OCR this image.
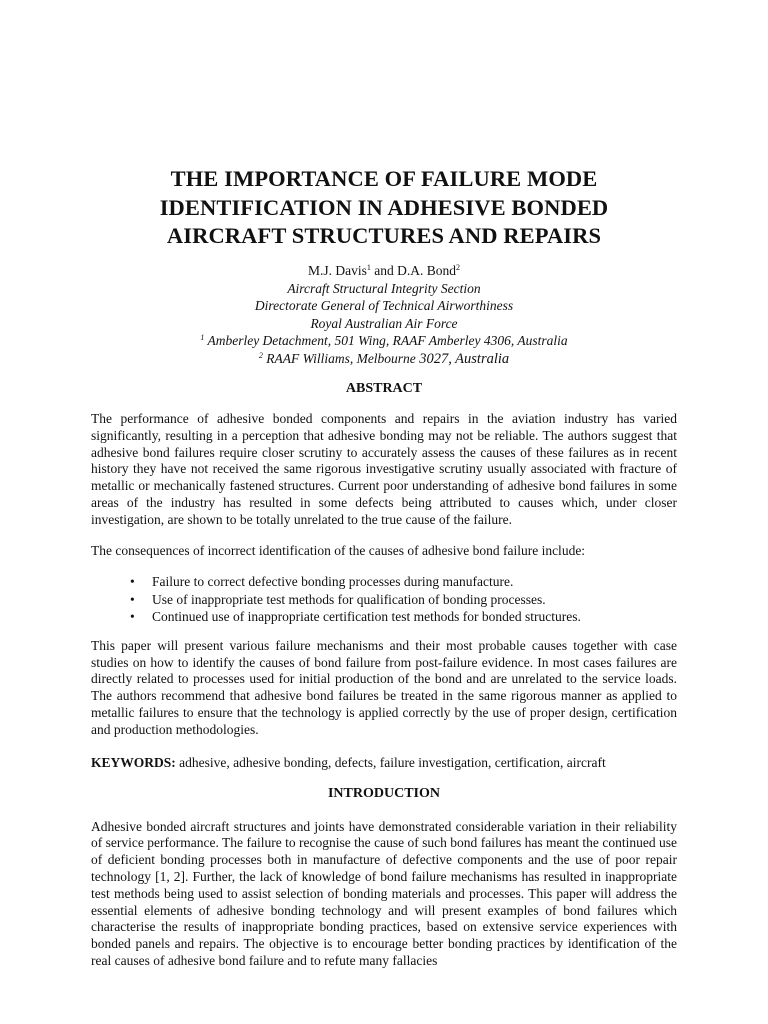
THE IMPORTANCE OF FAILURE MODE
IDENTIFICATION IN ADHESIVE BONDED
AIRCRAFT STRUCTURES AND REPAIRS
M.J. Davis$^1$ and D.A. Bond$^2$
Aircraft Structural Integrity Section
Directorate General of Technical Airworthiness
Royal Australian Air Force
$^1$ Amberley Detachment, 501 Wing, RAAF Amberley 4306, Australia
$^2$ RAAF Williams, Melbourne 3027, Australia
ABSTRACT

The performance of adhesive bonded components and repairs in the aviation industry has varied significantly, resulting in a perception that adhesive bonding may not be reliable. The authors suggest that adhesive bond failures require closer scrutiny to accurately assess the causes of these failures as in recent history they have not received the same rigorous investigative scrutiny usually associated with fracture of metallic or mechanically fastened structures. Current poor understanding of adhesive bond failures in some areas of the industry has resulted in some defects being attributed to causes which, under closer investigation, are shown to be totally unrelated to the true cause of the failure.

The consequences of incorrect identification of the causes of adhesive bond failure include:

• Failure to correct defective bonding processes during manufacture.
• Use of inappropriate test methods for qualification of bonding processes.
• Continued use of inappropriate certification test methods for bonded structures.

This paper will present various failure mechanisms and their most probable causes together with case studies on how to identify the causes of bond failure from post-failure evidence. In most cases failures are directly related to processes used for initial production of the bond and are unrelated to the service loads. The authors recommend that adhesive bond failures be treated in the same rigorous manner as applied to metallic failures to ensure that the technology is applied correctly by the use of proper design, certification and production methodologies.

KEYWORDS: adhesive, adhesive bonding, defects, failure investigation, certification, aircraft
INTRODUCTION

Adhesive bonded aircraft structures and joints have demonstrated considerable variation in their reliability of service performance. The failure to recognise the cause of such bond failures has meant the continued use of deficient bonding processes both in manufacture of defective components and the use of poor repair technology [1, 2]. Further, the lack of knowledge of bond failure mechanisms has resulted in inappropriate test methods being used to assist selection of bonding materials and processes. This paper will address the essential elements of adhesive bonding technology and will present examples of bond failures which characterise the results of inappropriate bonding practices, based on extensive service experiences with bonded panels and repairs. The objective is to encourage better bonding practices by identification of the real causes of adhesive bond failure and to refute many fallacies
